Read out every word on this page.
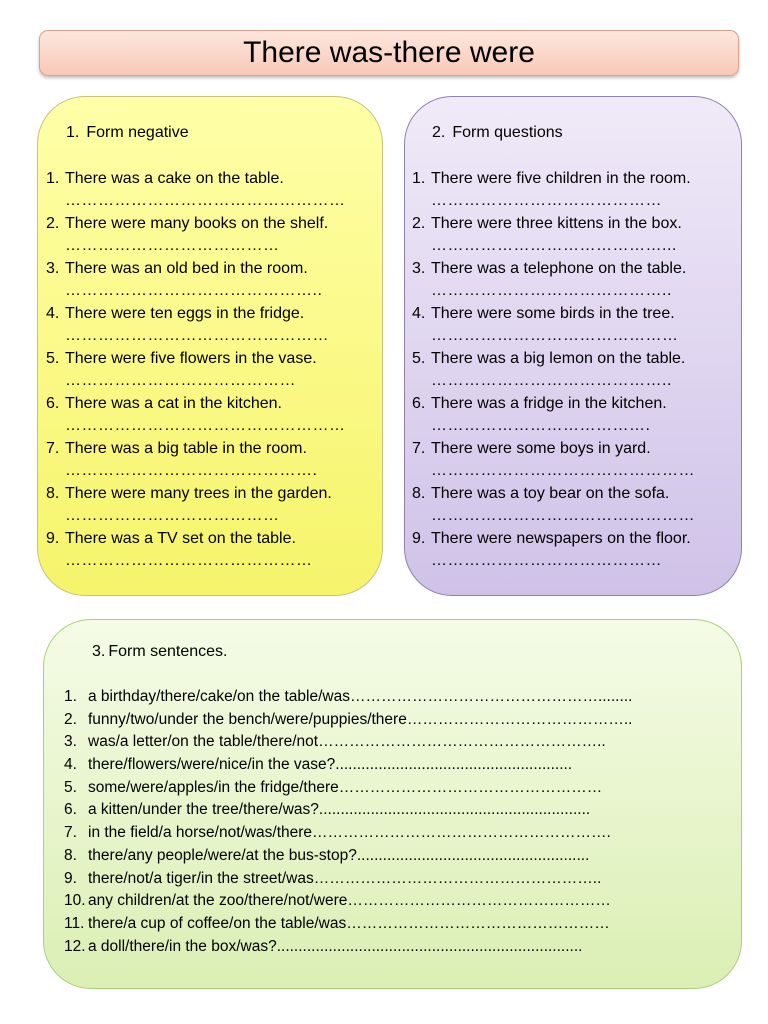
There was-there were
1. Form negative
1. There was a cake on the table.
……………………………………………
2. There were many books on the shelf.
…………………………………
3. There was an old bed in the room.
………………………………………..
4. There were ten eggs in the fridge.
…………………………………………
5. There were five flowers in the vase.
……………………………………
6. There was a cat in the kitchen.
……………………………………………
7. There was a big table in the room.
……………………………………….
8. There were many trees in the garden.
…………………………………
9. There was a TV set on the table.
………………………………………
2. Form questions
1. There were five children in the room.
……………………………………
2. There were three kittens in the box.
……………………………………...
3. There was a telephone on the table.
……………………………………..
4. There were some birds in the tree.
………………………………………
5. There was a big lemon on the table.
……………………………………..
6. There was a fridge in the kitchen.
………………………………….
7. There were some boys in yard.
…………………………………………
8. There was a toy bear on the sofa.
…………………………………………
9. There were newspapers on the floor.
……………………………………
3. Form sentences.
1. a birthday/there/cake/on the table/was…………………………………………........
2. funny/two/under the bench/were/puppies/there……………………………………..
3. was/a letter/on the table/there/not………………………………………………..
4. there/flowers/were/nice/in the vase?.......................................................
5. some/were/apples/in the fridge/there……………………………………………
6. a kitten/under the tree/there/was?...............................................................
7. in the field/a horse/not/was/there………………………………………………….
8. there/any people/were/at the bus-stop?......................................................
9. there/not/a tiger/in the street/was………………………………………………..
10. any children/at the zoo/there/not/were……………………………………………
11. there/a cup of coffee/on the table/was……………………………………………
12. a doll/there/in the box/was?.......................................................................
